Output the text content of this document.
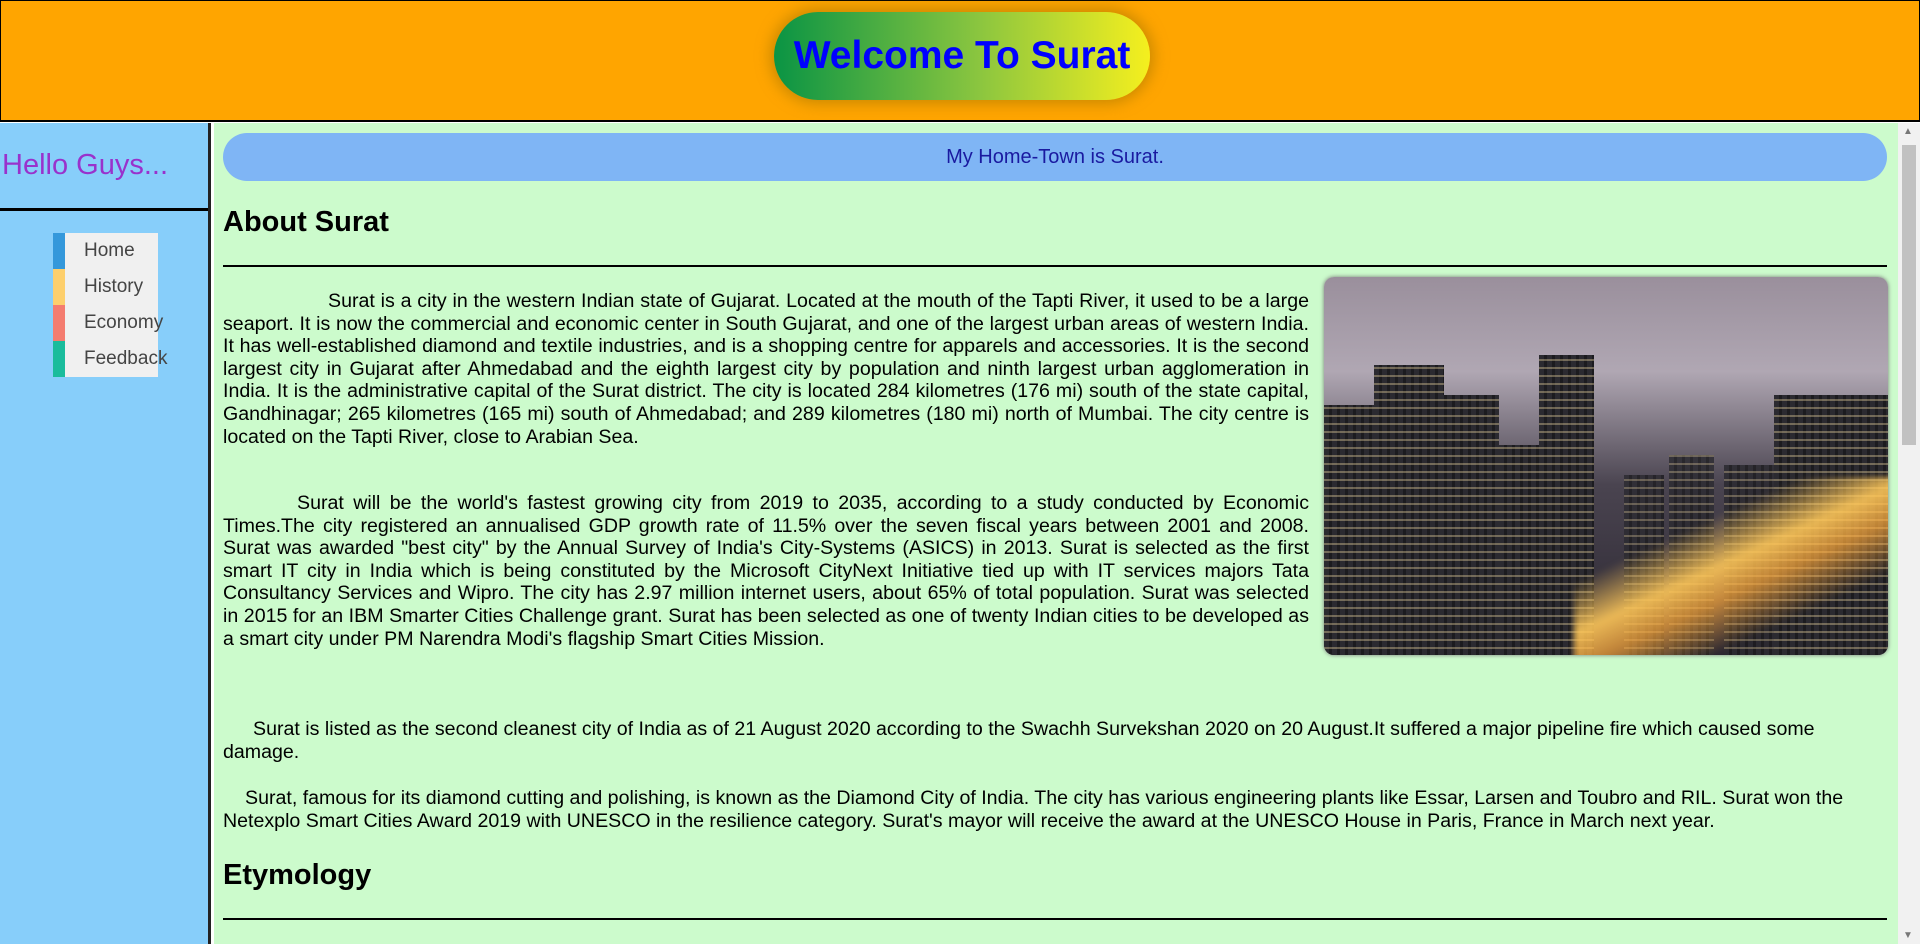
Welcome To Surat
Hello Guys...
Home
History
Economy
Feedback
My Home-Town is Surat.
About Surat

Surat is a city in the western Indian state of Gujarat. Located at the mouth of the Tapti River, it used to be a large seaport. It is now the commercial and economic center in South Gujarat, and one of the largest urban areas of western India. It has well-established diamond and textile industries, and is a shopping centre for apparels and accessories. It is the second largest city in Gujarat after Ahmedabad and the eighth largest city by population and ninth largest urban agglomeration in India. It is the administrative capital of the Surat district. The city is located 284 kilometres (176 mi) south of the state capital, Gandhinagar; 265 kilometres (165 mi) south of Ahmedabad; and 289 kilometres (180 mi) north of Mumbai. The city centre is located on the Tapti River, close to Arabian Sea.

Surat will be the world's fastest growing city from 2019 to 2035, according to a study conducted by Economic Times.The city registered an annualised GDP growth rate of 11.5% over the seven fiscal years between 2001 and 2008. Surat was awarded "best city" by the Annual Survey of India's City-Systems (ASICS) in 2013. Surat is selected as the first smart IT city in India which is being constituted by the Microsoft CityNext Initiative tied up with IT services majors Tata Consultancy Services and Wipro. The city has 2.97 million internet users, about 65% of total population. Surat was selected in 2015 for an IBM Smarter Cities Challenge grant. Surat has been selected as one of twenty Indian cities to be developed as a smart city under PM Narendra Modi's flagship Smart Cities Mission.

Surat is listed as the second cleanest city of India as of 21 August 2020 according to the Swachh Survekshan 2020 on 20 August.It suffered a major pipeline fire which caused some damage.

Surat, famous for its diamond cutting and polishing, is known as the Diamond City of India. The city has various engineering plants like Essar, Larsen and Toubro and RIL. Surat won the Netexplo Smart Cities Award 2019 with UNESCO in the resilience category. Surat's mayor will receive the award at the UNESCO House in Paris, France in March next year.

Etymology
▲
▼
